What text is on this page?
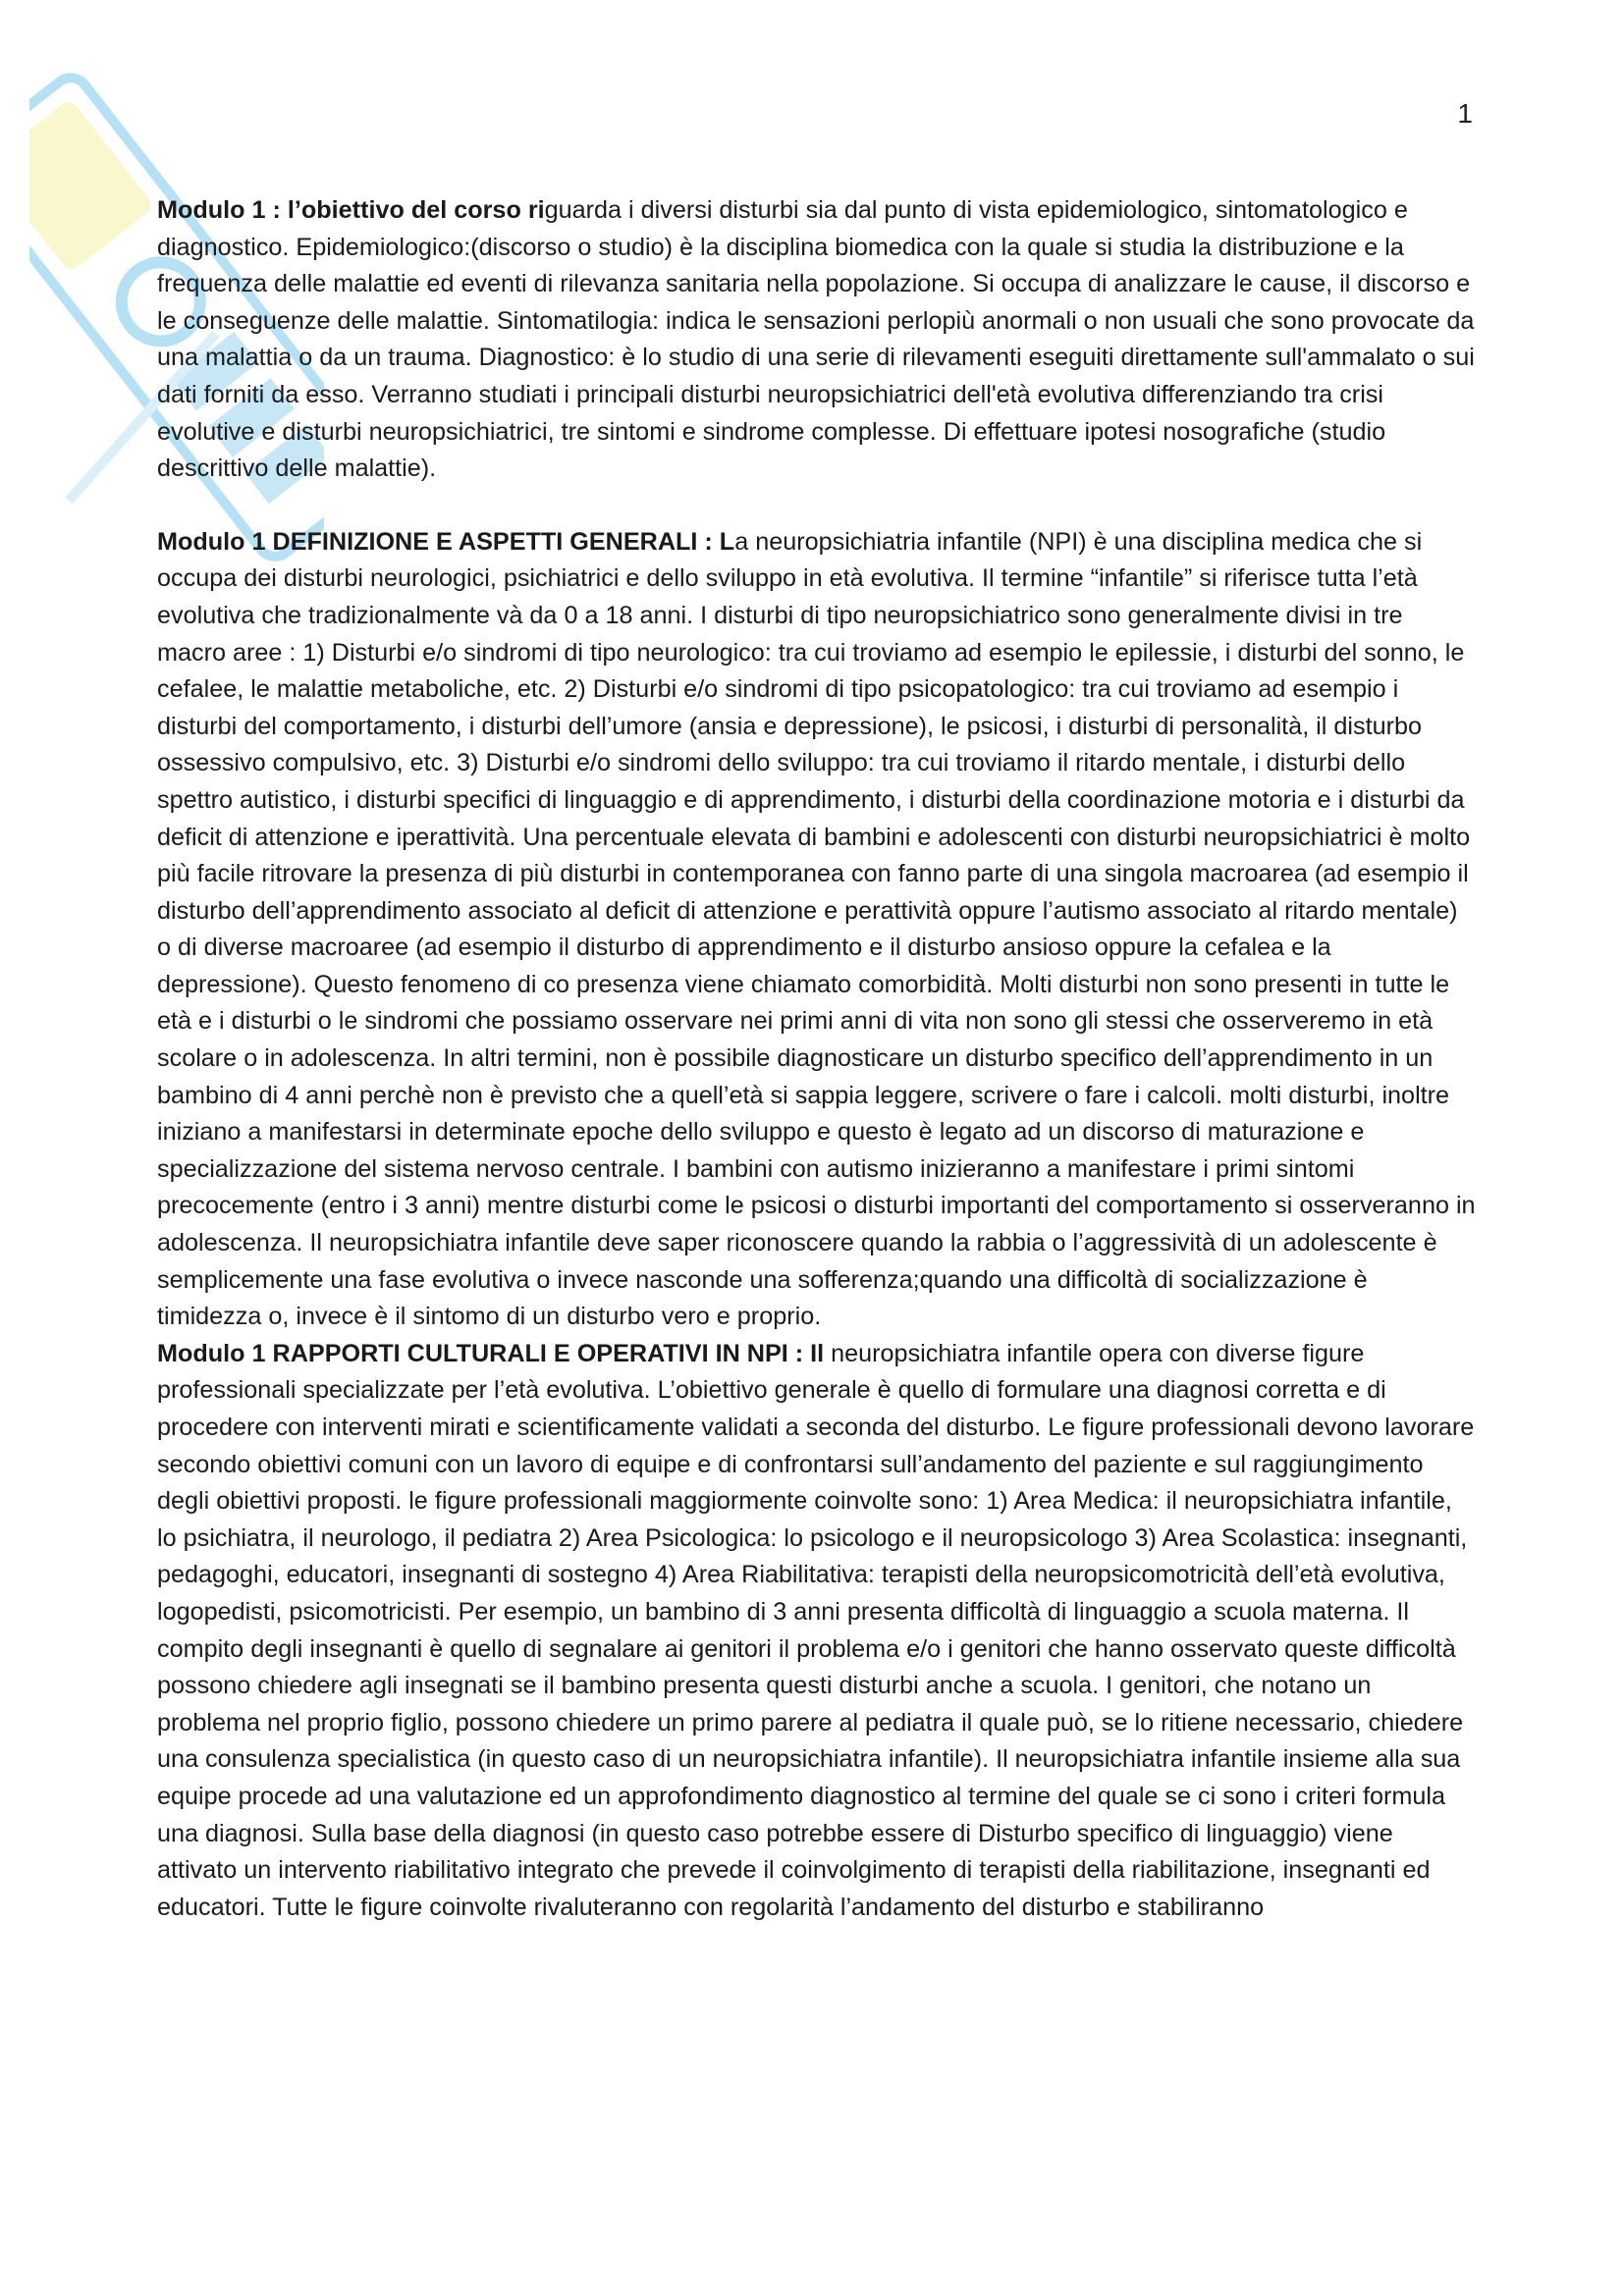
1

Modulo 1 : l’obiettivo del corso riguarda i diversi disturbi sia dal punto di vista epidemiologico, sintomatologico e diagnostico. Epidemiologico:(discorso o studio) è la disciplina biomedica con la quale si studia la distribuzione e la frequenza delle malattie ed eventi di rilevanza sanitaria nella popolazione. Si occupa di analizzare le cause, il discorso e le conseguenze delle malattie. Sintomatilogia: indica le sensazioni perlopiù anormali o non usuali che sono provocate da una malattia o da un trauma. Diagnostico: è lo studio di una serie di rilevamenti eseguiti direttamente sull'ammalato o sui dati forniti da esso. Verranno studiati i principali disturbi neuropsichiatrici dell'età evolutiva differenziando tra crisi evolutive e disturbi neuropsichiatrici, tre sintomi e sindrome complesse. Di effettuare ipotesi nosografiche (studio descrittivo delle malattie).

Modulo 1 DEFINIZIONE E ASPETTI GENERALI : La neuropsichiatria infantile (NPI) è una disciplina medica che si occupa dei disturbi neurologici, psichiatrici e dello sviluppo in età evolutiva. Il termine “infantile” si riferisce tutta l’età evolutiva che tradizionalmente và da 0 a 18 anni. I disturbi di tipo neuropsichiatrico sono generalmente divisi in tre macro aree : 1) Disturbi e/o sindromi di tipo neurologico: tra cui troviamo ad esempio le epilessie, i disturbi del sonno, le cefalee, le malattie metaboliche, etc. 2) Disturbi e/o sindromi di tipo psicopatologico: tra cui troviamo ad esempio i disturbi del comportamento, i disturbi dell’umore (ansia e depressione), le psicosi, i disturbi di personalità, il disturbo ossessivo compulsivo, etc. 3) Disturbi e/o sindromi dello sviluppo: tra cui troviamo il ritardo mentale, i disturbi dello spettro autistico, i disturbi specifici di linguaggio e di apprendimento, i disturbi della coordinazione motoria e i disturbi da deficit di attenzione e iperattività. Una percentuale elevata di bambini e adolescenti con disturbi neuropsichiatrici è molto più facile ritrovare la presenza di più disturbi in contemporanea con fanno parte di una singola macroarea (ad esempio il disturbo dell’apprendimento associato al deficit di attenzione e perattività oppure l’autismo associato al ritardo mentale) o di diverse macroaree (ad esempio il disturbo di apprendimento e il disturbo ansioso oppure la cefalea e la depressione). Questo fenomeno di co presenza viene chiamato comorbidità. Molti disturbi non sono presenti in tutte le età e i disturbi o le sindromi che possiamo osservare nei primi anni di vita non sono gli stessi che osserveremo in età scolare o in adolescenza. In altri termini, non è possibile diagnosticare un disturbo specifico dell’apprendimento in un bambino di 4 anni perchè non è previsto che a quell’età si sappia leggere, scrivere o fare i calcoli. molti disturbi, inoltre iniziano a manifestarsi in determinate epoche dello sviluppo e questo è legato ad un discorso di maturazione e specializzazione del sistema nervoso centrale. I bambini con autismo inizieranno a manifestare i primi sintomi precocemente (entro i 3 anni) mentre disturbi come le psicosi o disturbi importanti del comportamento si osserveranno in adolescenza. Il neuropsichiatra infantile deve saper riconoscere quando la rabbia o l’aggressività di un adolescente è semplicemente una fase evolutiva o invece nasconde una sofferenza;quando una difficoltà di socializzazione è timidezza o, invece è il sintomo di un disturbo vero e proprio.

Modulo 1 RAPPORTI CULTURALI E OPERATIVI IN NPI : Il neuropsichiatra infantile opera con diverse figure professionali specializzate per l’età evolutiva. L’obiettivo generale è quello di formulare una diagnosi corretta e di procedere con interventi mirati e scientificamente validati a seconda del disturbo. Le figure professionali devono lavorare secondo obiettivi comuni con un lavoro di equipe e di confrontarsi sull’andamento del paziente e sul raggiungimento degli obiettivi proposti. le figure professionali maggiormente coinvolte sono: 1) Area Medica: il neuropsichiatra infantile, lo psichiatra, il neurologo, il pediatra 2) Area Psicologica: lo psicologo e il neuropsicologo 3) Area Scolastica: insegnanti, pedagoghi, educatori, insegnanti di sostegno 4) Area Riabilitativa: terapisti della neuropsicomotricità dell’età evolutiva, logopedisti, psicomotricisti. Per esempio, un bambino di 3 anni presenta difficoltà di linguaggio a scuola materna. Il compito degli insegnanti è quello di segnalare ai genitori il problema e/o i genitori che hanno osservato queste difficoltà possono chiedere agli insegnati se il bambino presenta questi disturbi anche a scuola. I genitori, che notano un problema nel proprio figlio, possono chiedere un primo parere al pediatra il quale può, se lo ritiene necessario, chiedere una consulenza specialistica (in questo caso di un neuropsichiatra infantile). Il neuropsichiatra infantile insieme alla sua equipe procede ad una valutazione ed un approfondimento diagnostico al termine del quale se ci sono i criteri formula una diagnosi. Sulla base della diagnosi (in questo caso potrebbe essere di Disturbo specifico di linguaggio) viene attivato un intervento riabilitativo integrato che prevede il coinvolgimento di terapisti della riabilitazione, insegnanti ed educatori. Tutte le figure coinvolte rivaluteranno con regolarità l’andamento del disturbo e stabiliranno
